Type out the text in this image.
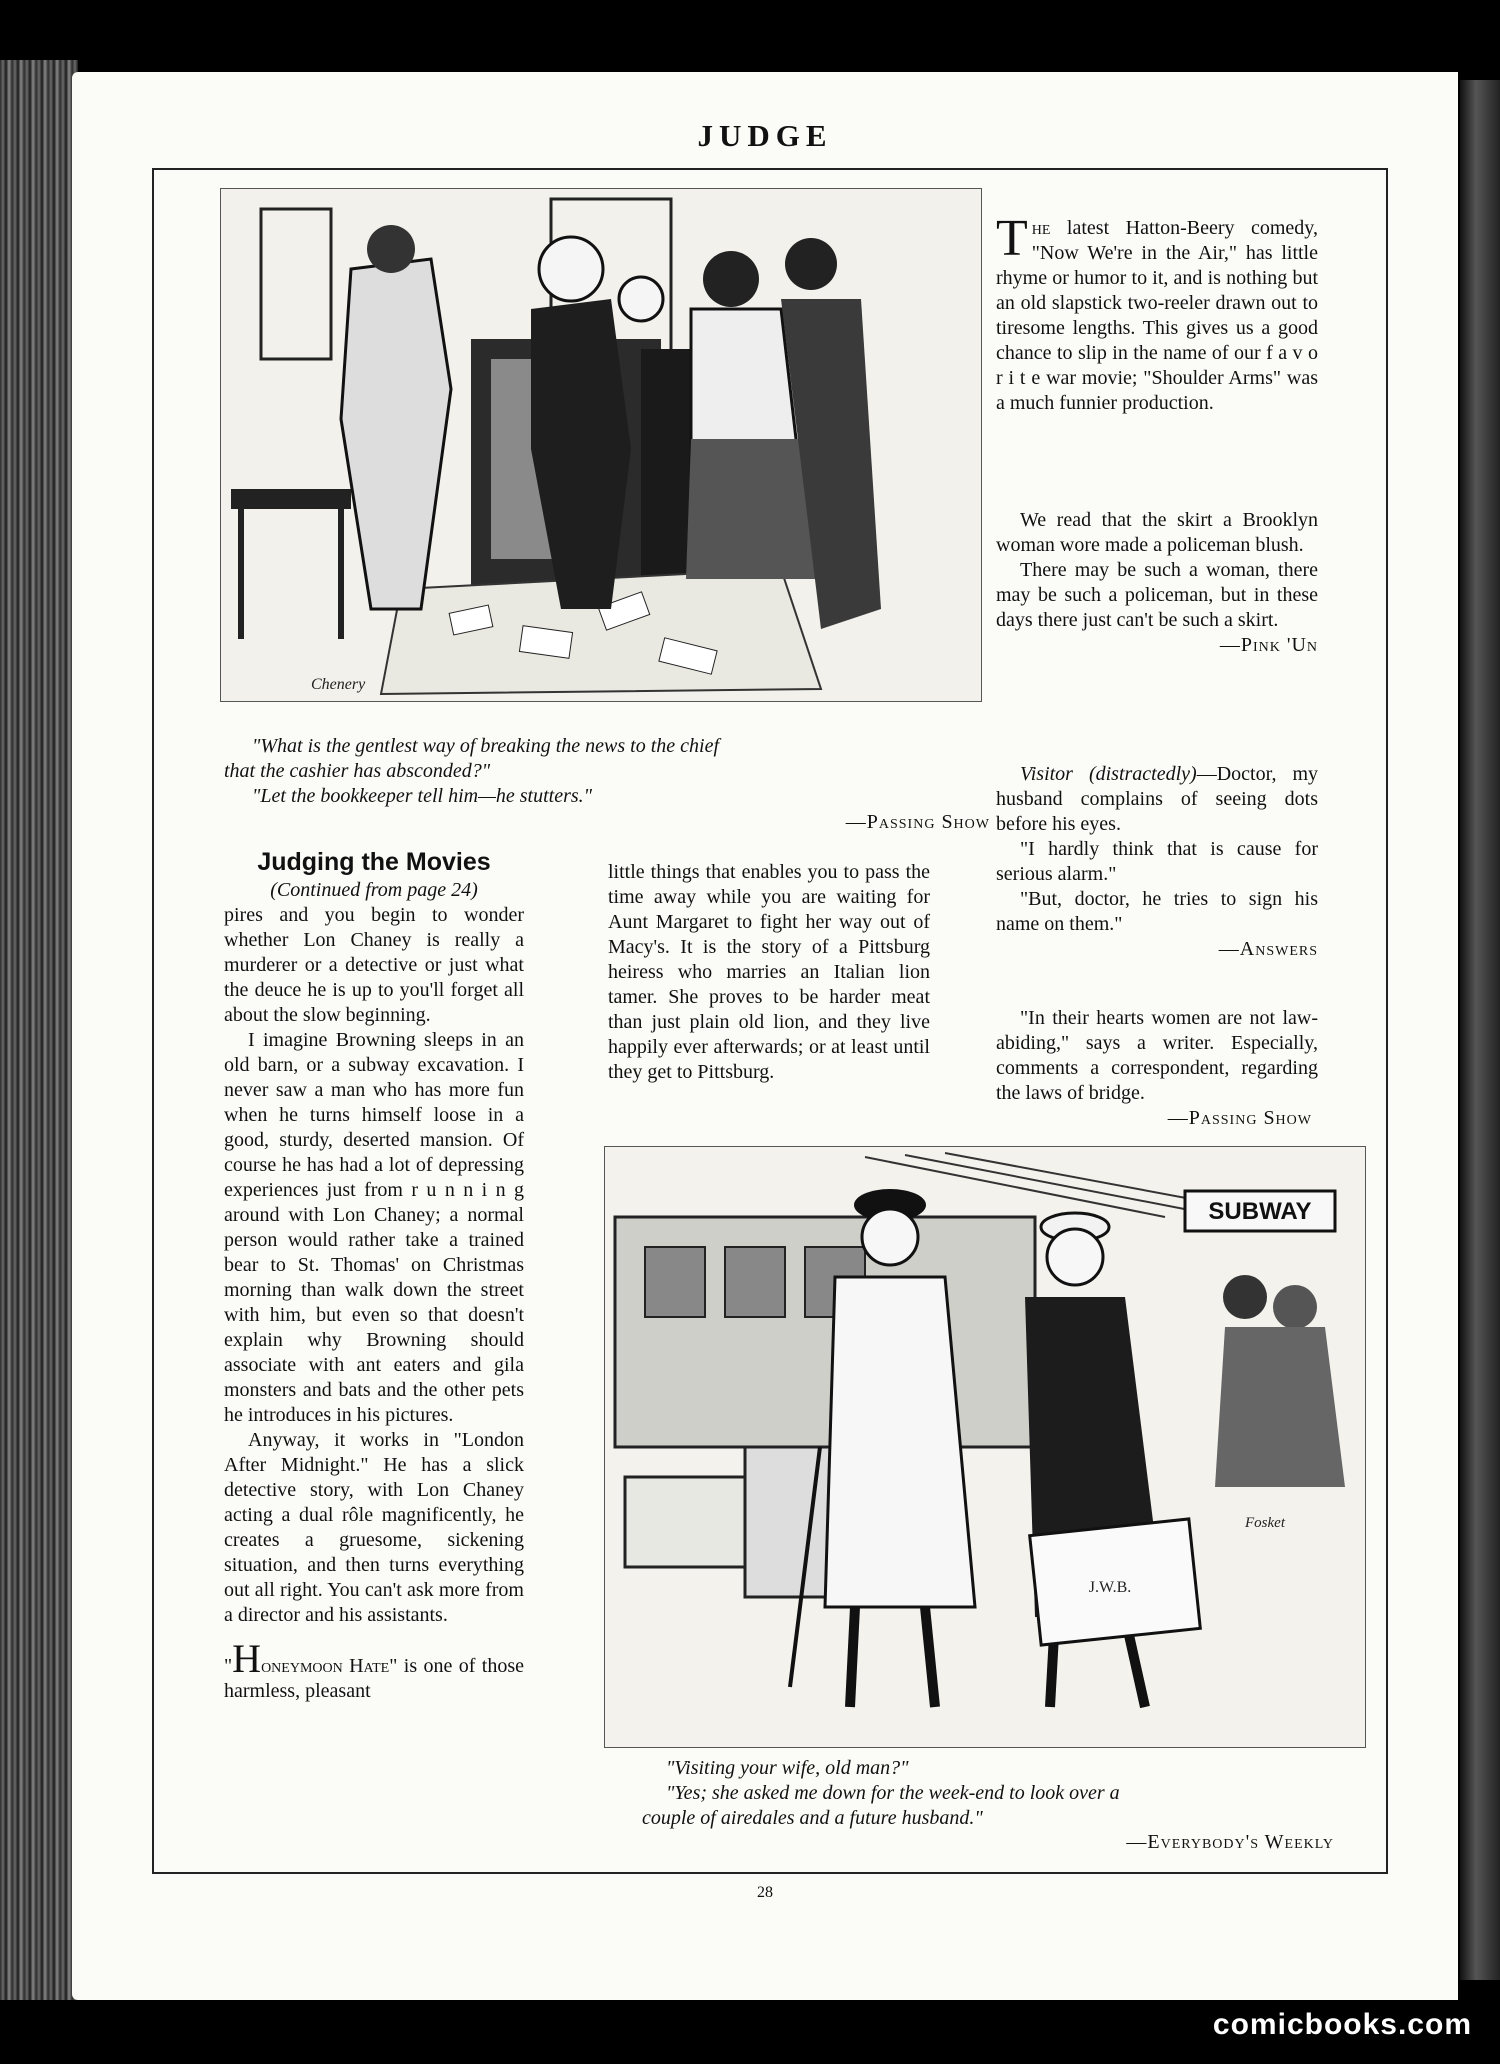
JUDGE
Chenery

"What is the gentlest way of breaking the news to the chief

that the cashier has absconded?"

"Let the bookkeeper tell him—he stutters."

—Passing Show

The latest Hatton-Beery comedy, "Now We're in the Air," has little rhyme or humor to it, and is nothing but an old slapstick two-reeler drawn out to tiresome lengths. This gives us a good chance to slip in the name of our f a v o r i t e war movie; "Shoulder Arms" was a much funnier production.

We read that the skirt a Brooklyn woman wore made a policeman blush.

There may be such a woman, there may be such a policeman, but in these days there just can't be such a skirt.

—Pink 'Un

Visitor (distractedly)—Doctor, my husband complains of seeing dots before his eyes.

"I hardly think that is cause for serious alarm."

"But, doctor, he tries to sign his name on them."

—Answers

"In their hearts women are not law-abiding," says a writer. Especially, comments a correspondent, regarding the laws of bridge.

—Passing Show

Judging the Movies
(Continued from page 24)

pires and you begin to wonder whether Lon Chaney is really a murderer or a detective or just what the deuce he is up to you'll forget all about the slow beginning.

I imagine Browning sleeps in an old barn, or a subway excavation. I never saw a man who has more fun when he turns himself loose in a good, sturdy, deserted mansion. Of course he has had a lot of depressing experiences just from r u n n i n g around with Lon Chaney; a normal person would rather take a trained bear to St. Thomas' on Christmas morning than walk down the street with him, but even so that doesn't explain why Browning should associate with ant eaters and gila monsters and bats and the other pets he introduces in his pictures.

Anyway, it works in "London After Midnight." He has a slick detective story, with Lon Chaney acting a dual rôle magnificently, he creates a gruesome, sickening situation, and then turns everything out all right. You can't ask more from a director and his assistants.

"Honeymoon Hate" is one of those harmless, pleasant

little things that enables you to pass the time away while you are waiting for Aunt Margaret to fight her way out of Macy's. It is the story of a Pittsburg heiress who marries an Italian lion tamer. She proves to be harder meat than just plain old lion, and they live happily ever afterwards; or at least until they get to Pittsburg.

SUBWAY
J.W.B.
Fosket

"Visiting your wife, old man?"

"Yes; she asked me down for the week-end to look over a

couple of airedales and a future husband."

—Everybody's Weekly
28
comicbooks.com
